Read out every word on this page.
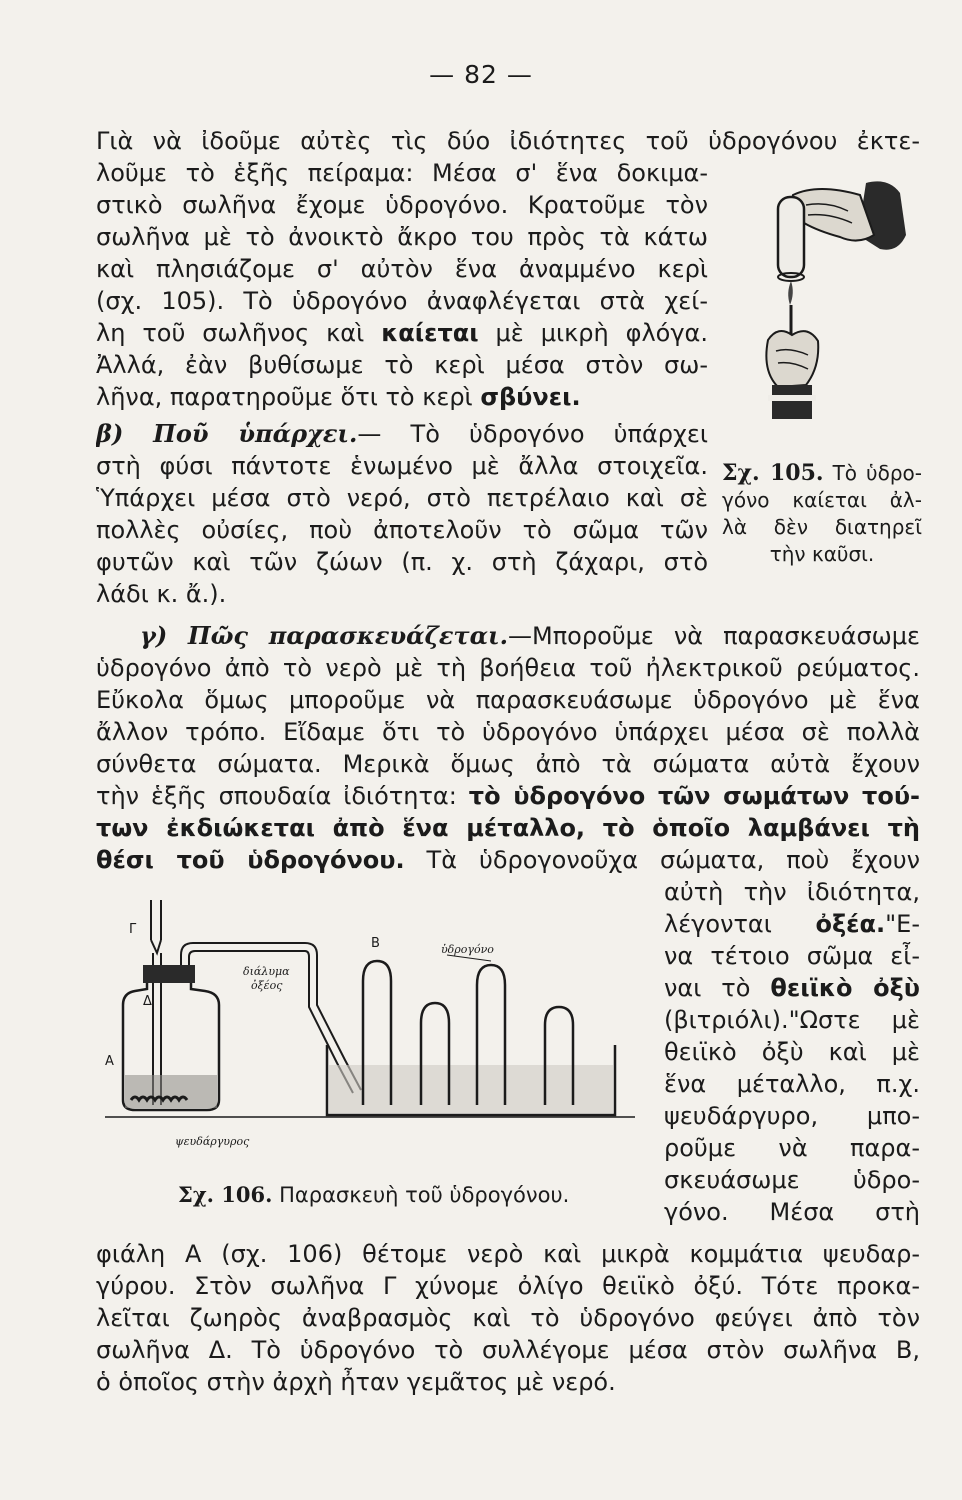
— 82 —
Γιὰ νὰ ἰδοῦμε αὐτὲς τὶς δύο ἰδιότητες τοῦ ὑδρογόνου ἐκτε-
λοῦμε τὸ ἑξῆς πείραμα: Μέσα σ' ἕνα δοκιμα-
στικὸ σωλῆνα ἔχομε ὑδρογόνο. Κρατοῦμε τὸν
σωλῆνα μὲ τὸ ἀνοικτὸ ἄκρο του πρὸς τὰ κάτω
καὶ πλησιάζομε σ' αὐτὸν ἕνα ἀναμμένο κερὶ
(σχ. 105). Τὸ ὑδρογόνο ἀναφλέγεται στὰ χεί-
λη τοῦ σωλῆνος καὶ καίεται μὲ μικρὴ φλόγα.
Ἀλλά, ἐὰν βυθίσωμε τὸ κερὶ μέσα στὸν σω-
λῆνα, παρατηροῦμε ὅτι τὸ κερὶ σβύνει.
β) Ποῦ ὑπάρχει.— Τὸ ὑδρογόνο ὑπάρχει
στὴ φύσι πάντοτε ἑνωμένο μὲ ἄλλα στοιχεῖα.
Ὑπάρχει μέσα στὸ νερό, στὸ πετρέλαιο καὶ σὲ
πολλὲς οὐσίες, ποὺ ἀποτελοῦν τὸ σῶμα τῶν
φυτῶν καὶ τῶν ζώων (π. χ. στὴ ζάχαρι, στὸ
λάδι κ. ἄ.).
γ) Πῶς παρασκευάζεται.—Μποροῦμε νὰ παρασκευάσωμε
ὑδρογόνο ἀπὸ τὸ νερὸ μὲ τὴ βοήθεια τοῦ ἠλεκτρικοῦ ρεύματος.
Εὔκολα ὅμως μποροῦμε νὰ παρασκευάσωμε ὑδρογόνο μὲ ἕνα
ἄλλον τρόπο. Εἴδαμε ὅτι τὸ ὑδρογόνο ὑπάρχει μέσα σὲ πολλὰ
σύνθετα σώματα. Μερικὰ ὅμως ἀπὸ τὰ σώματα αὐτὰ ἔχουν
τὴν ἑξῆς σπουδαία ἰδιότητα: τὸ ὑδρογόνο τῶν σωμάτων τού-
των ἐκδιώκεται ἀπὸ ἕνα μέταλλο, τὸ ὁποῖο λαμβάνει τὴ
θέσι τοῦ ὑδρογόνου. Τὰ ὑδρογονοῦχα σώματα, ποὺ ἔχουν
αὐτὴ τὴν ἰδιότητα,
λέγονται ὀξέα."Ε-
να τέτοιο σῶμα εἶ-
ναι τὸ θειϊκὸ ὀξὺ
(βιτριόλι)."Ωστε μὲ
θειϊκὸ ὀξὺ καὶ μὲ
ἕνα μέταλλο, π.χ.
ψευδάργυρο, μπο-
ροῦμε νὰ παρα-
σκευάσωμε ὑδρο-
γόνο. Μέσα στὴ
φιάλη Α (σχ. 106) θέτομε νερὸ καὶ μικρὰ κομμάτια ψευδαρ-
γύρου. Στὸν σωλῆνα Γ χύνομε ὀλίγο θειϊκὸ ὀξύ. Τότε προκα-
λεῖται ζωηρὸς ἀναβρασμὸς καὶ τὸ ὑδρογόνο φεύγει ἀπὸ τὸν
σωλῆνα Δ. Τὸ ὑδρογόνο τὸ συλλέγομε μέσα στὸν σωλῆνα Β,
ὁ ὁποῖος στὴν ἀρχὴ ἦταν γεμᾶτος μὲ νερό.
Σχ. 105. Τὸ ὑδρο-
γόνο καίεται ἀλ-
λὰ δὲν διατηρεῖ
τὴν καῦσι.
Γ
Α
Δ
διάλυμα
ὀξέος
Β	ὑδρογόνο
ψευδάργυρος
Σχ. 106. Παρασκευὴ τοῦ ὑδρογόνου.
